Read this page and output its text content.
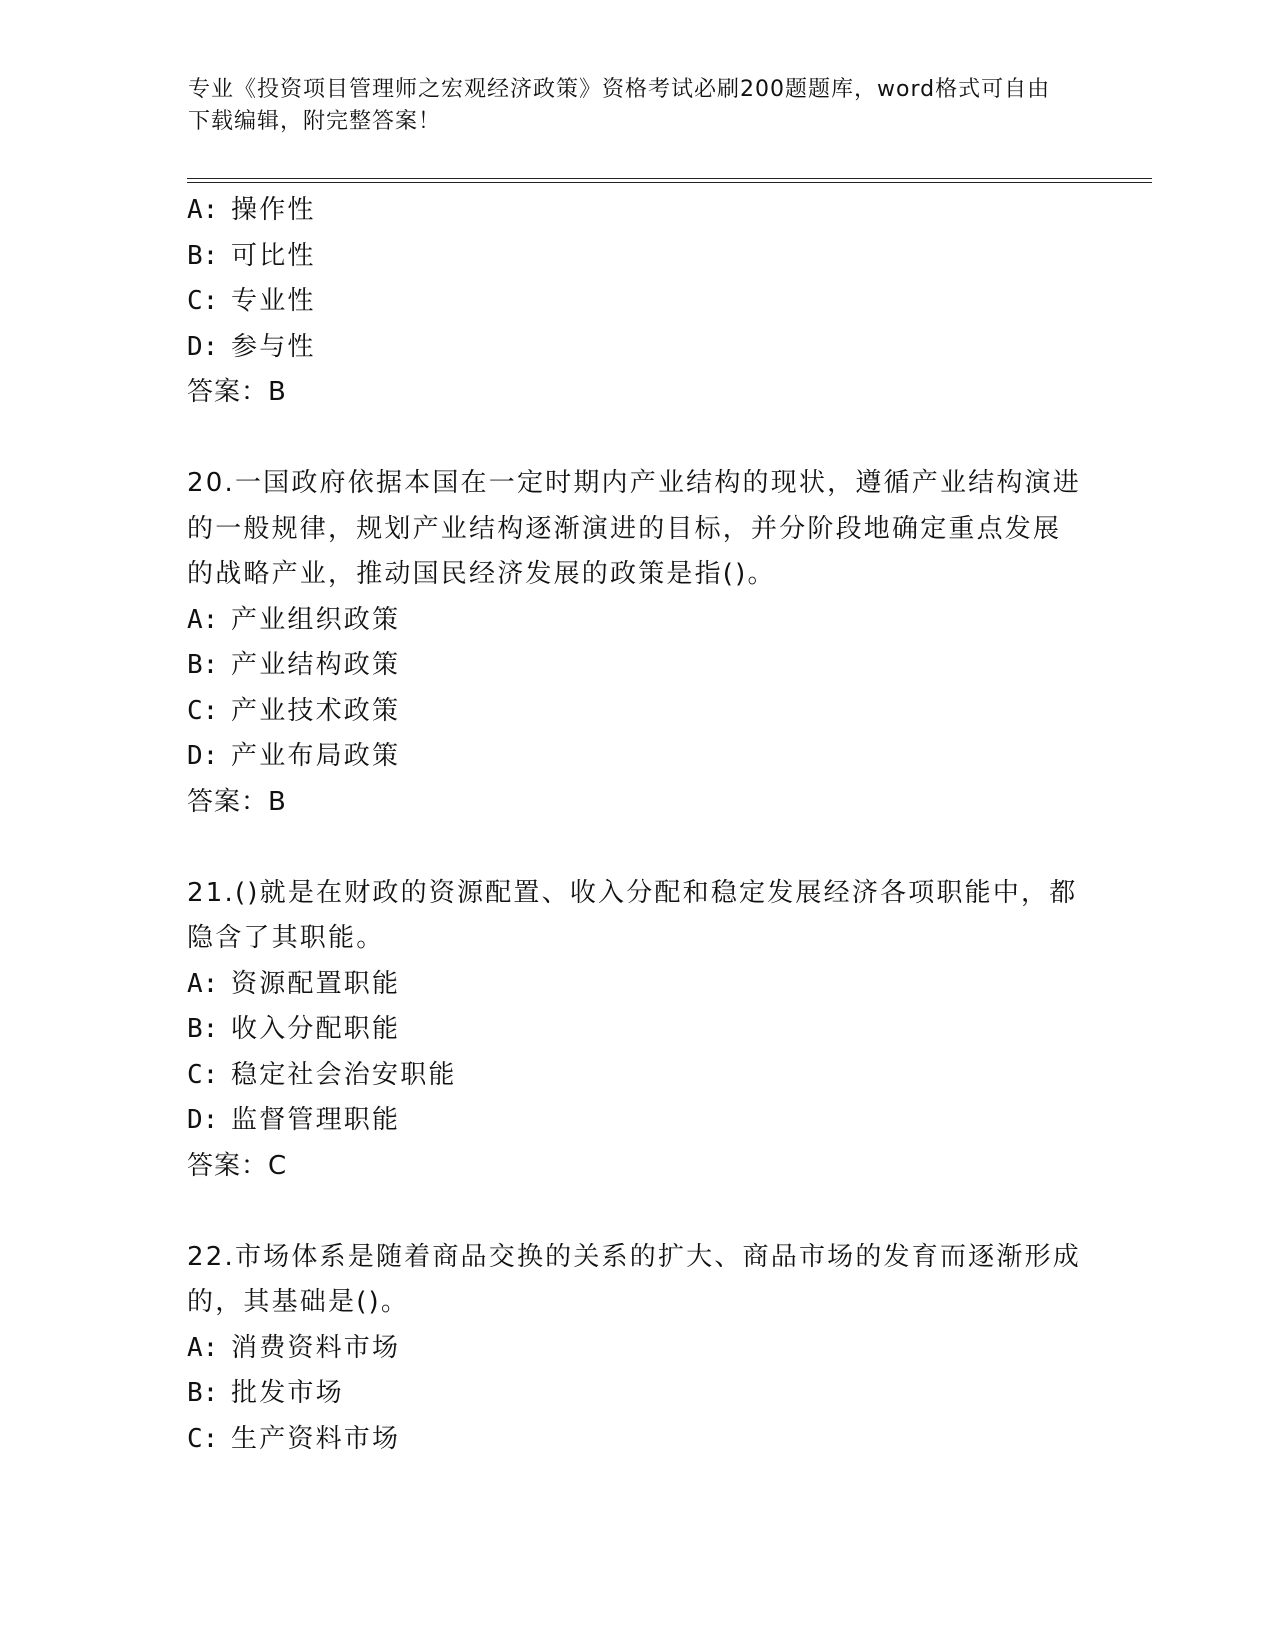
专业《投资项目管理师之宏观经济政策》资格考试必刷200题题库，word格式可自由下载编辑，附完整答案！
A: 操作性
B: 可比性
C: 专业性
D: 参与性
答案：B

20.一国政府依据本国在一定时期内产业结构的现状，遵循产业结构演进的一般规律，规划产业结构逐渐演进的目标，并分阶段地确定重点发展的战略产业，推动国民经济发展的政策是指()。

A: 产业组织政策
B: 产业结构政策
C: 产业技术政策
D: 产业布局政策
答案：B

21.()就是在财政的资源配置、收入分配和稳定发展经济各项职能中，都隐含了其职能。

A: 资源配置职能
B: 收入分配职能
C: 稳定社会治安职能
D: 监督管理职能
答案：C

22.市场体系是随着商品交换的关系的扩大、商品市场的发育而逐渐形成的，其基础是()。

A: 消费资料市场
B: 批发市场
C: 生产资料市场
